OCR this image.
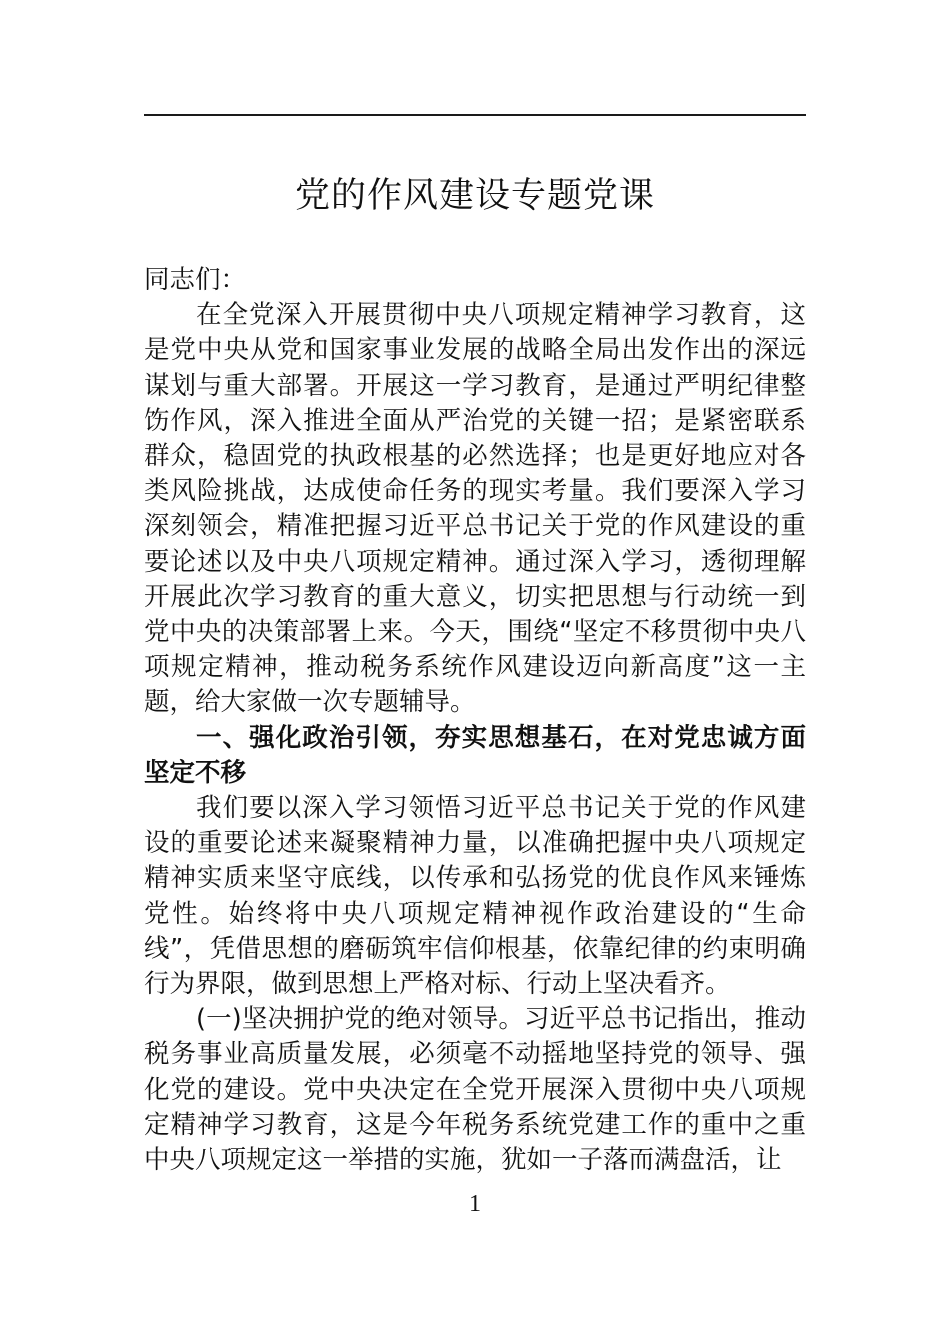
党的作风建设专题党课

同志们：

在全党深入开展贯彻中央八项规定精神学习教育，这是党中央从党和国家事业发展的战略全局出发作出的深远谋划与重大部署。开展这一学习教育，是通过严明纪律整饬作风，深入推进全面从严治党的关键一招；是紧密联系群众，稳固党的执政根基的必然选择；也是更好地应对各类风险挑战，达成使命任务的现实考量。我们要深入学习深刻领会，精准把握习近平总书记关于党的作风建设的重要论述以及中央八项规定精神。通过深入学习，透彻理解开展此次学习教育的重大意义，切实把思想与行动统一到党中央的决策部署上来。今天，围绕“坚定不移贯彻中央八项规定精神，推动税务系统作风建设迈向新高度”这一主题，给大家做一次专题辅导。

一、强化政治引领，夯实思想基石，在对党忠诚方面坚定不移

我们要以深入学习领悟习近平总书记关于党的作风建设的重要论述来凝聚精神力量，以准确把握中央八项规定精神实质来坚守底线，以传承和弘扬党的优良作风来锤炼党性。始终将中央八项规定精神视作政治建设的“生命线”，凭借思想的磨砺筑牢信仰根基，依靠纪律的约束明确行为界限，做到思想上严格对标、行动上坚决看齐。

(一)坚决拥护党的绝对领导。习近平总书记指出，推动税务事业高质量发展，必须毫不动摇地坚持党的领导、强化党的建设。党中央决定在全党开展深入贯彻中央八项规定精神学习教育，这是今年税务系统党建工作的重中之重中央八项规定这一举措的实施，犹如一子落而满盘活，让

1
